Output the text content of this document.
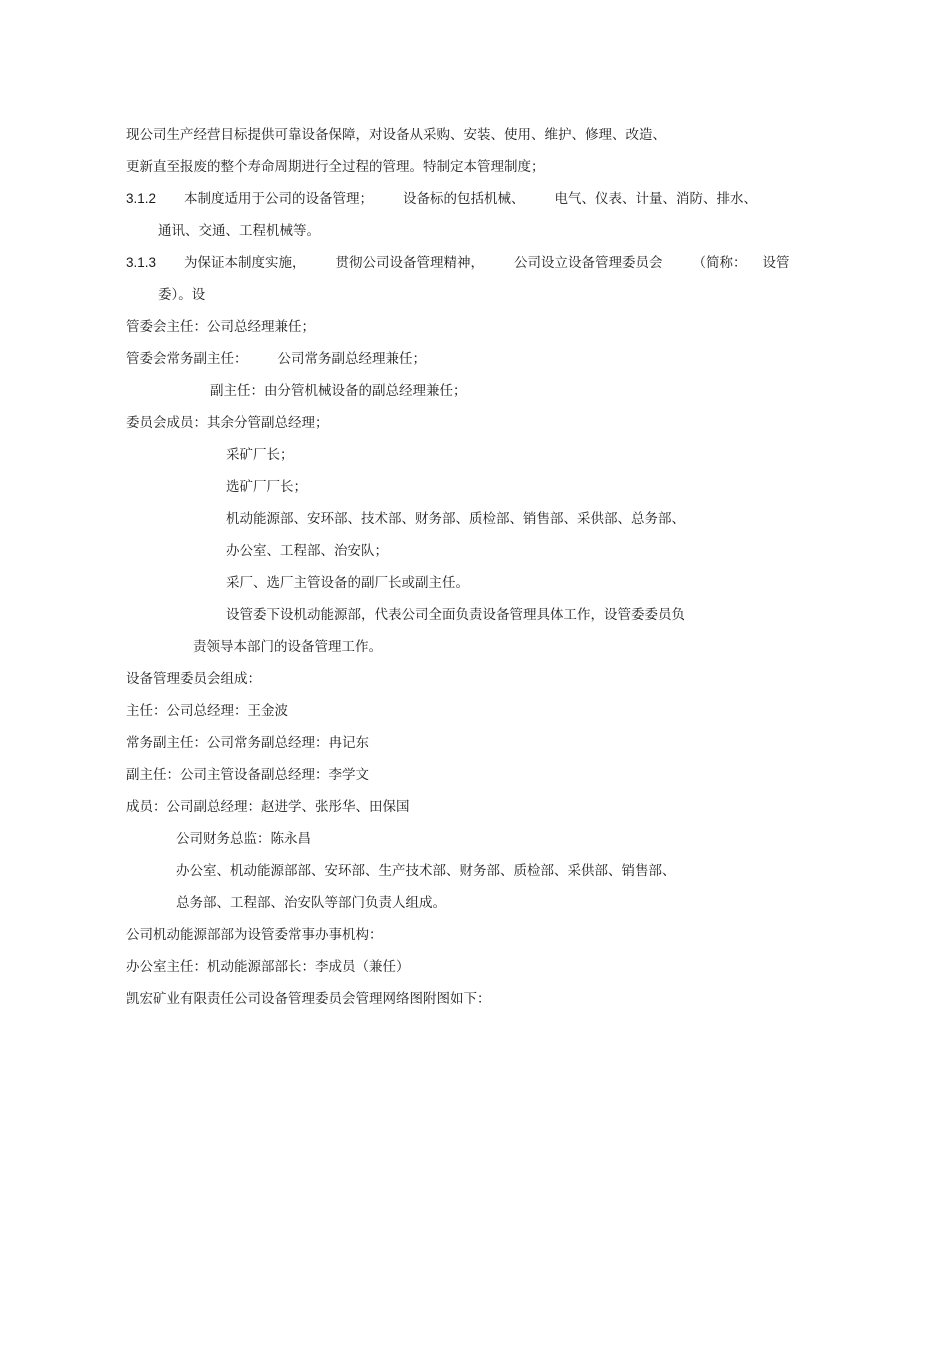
现公司生产经营目标提供可靠设备保障，对设备从采购、安装、使用、维护、修理、改造、
更新直至报废的整个寿命周期进行全过程的管理。特制定本管理制度；
3.1.2 本制度适用于公司的设备管理； 设备标的包括机械、 电气、仪表、计量、消防、排水、
通讯、交通、工程机械等。
3.1.3 为保证本制度实施， 贯彻公司设备管理精神， 公司设立设备管理委员会 （简称： 设管
委）。设
管委会主任：公司总经理兼任；
管委会常务副主任： 公司常务副总经理兼任；
副主任：由分管机械设备的副总经理兼任；
委员会成员：其余分管副总经理；
采矿厂长；
选矿厂厂长；
机动能源部、安环部、技术部、财务部、质检部、销售部、采供部、总务部、
办公室、工程部、治安队；
采厂、选厂主管设备的副厂长或副主任。
设管委下设机动能源部，代表公司全面负责设备管理具体工作，设管委委员负
责领导本部门的设备管理工作。
设备管理委员会组成：
主任：公司总经理：王金波
常务副主任：公司常务副总经理：冉记东
副主任：公司主管设备副总经理：李学文
成员：公司副总经理：赵进学、张彤华、田保国
公司财务总监：陈永昌
办公室、机动能源部部、安环部、生产技术部、财务部、质检部、采供部、销售部、
总务部、工程部、治安队等部门负责人组成。
公司机动能源部部为设管委常事办事机构：
办公室主任：机动能源部部长：李成员（兼任）
凯宏矿业有限责任公司设备管理委员会管理网络图附图如下：
